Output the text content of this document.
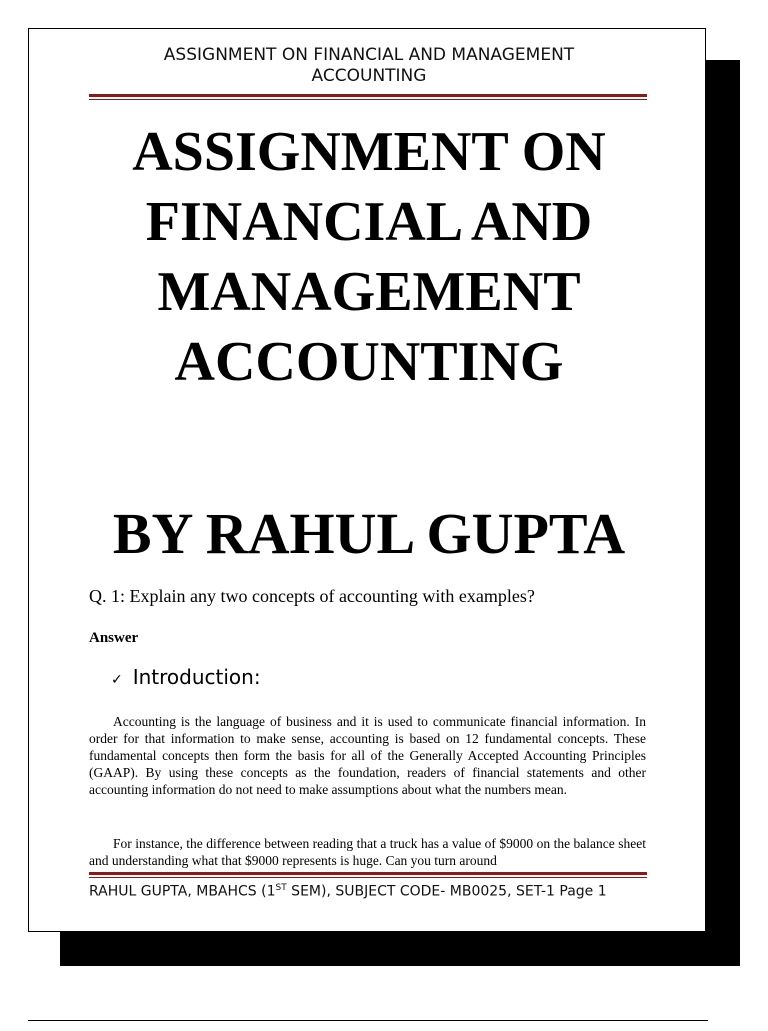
ASSIGNMENT ON FINANCIAL AND MANAGEMENT
ACCOUNTING
ASSIGNMENT ON
FINANCIAL AND
MANAGEMENT
ACCOUNTING
BY RAHUL GUPTA
Q. 1: Explain any two concepts of accounting with examples?
Answer
✓ Introduction:

Accounting is the language of business and it is used to communicate financial information. In order for that information to make sense, accounting is based on 12 fundamental concepts. These fundamental concepts then form the basis for all of the Generally Accepted Accounting Principles (GAAP). By using these concepts as the foundation, readers of financial statements and other accounting information do not need to make assumptions about what the numbers mean.

For instance, the difference between reading that a truck has a value of $9000 on the balance sheet and understanding what that $9000 represents is huge. Can you turn around

RAHUL GUPTA, MBAHCS (1ST SEM), SUBJECT CODE- MB0025, SET-1 Page 1
